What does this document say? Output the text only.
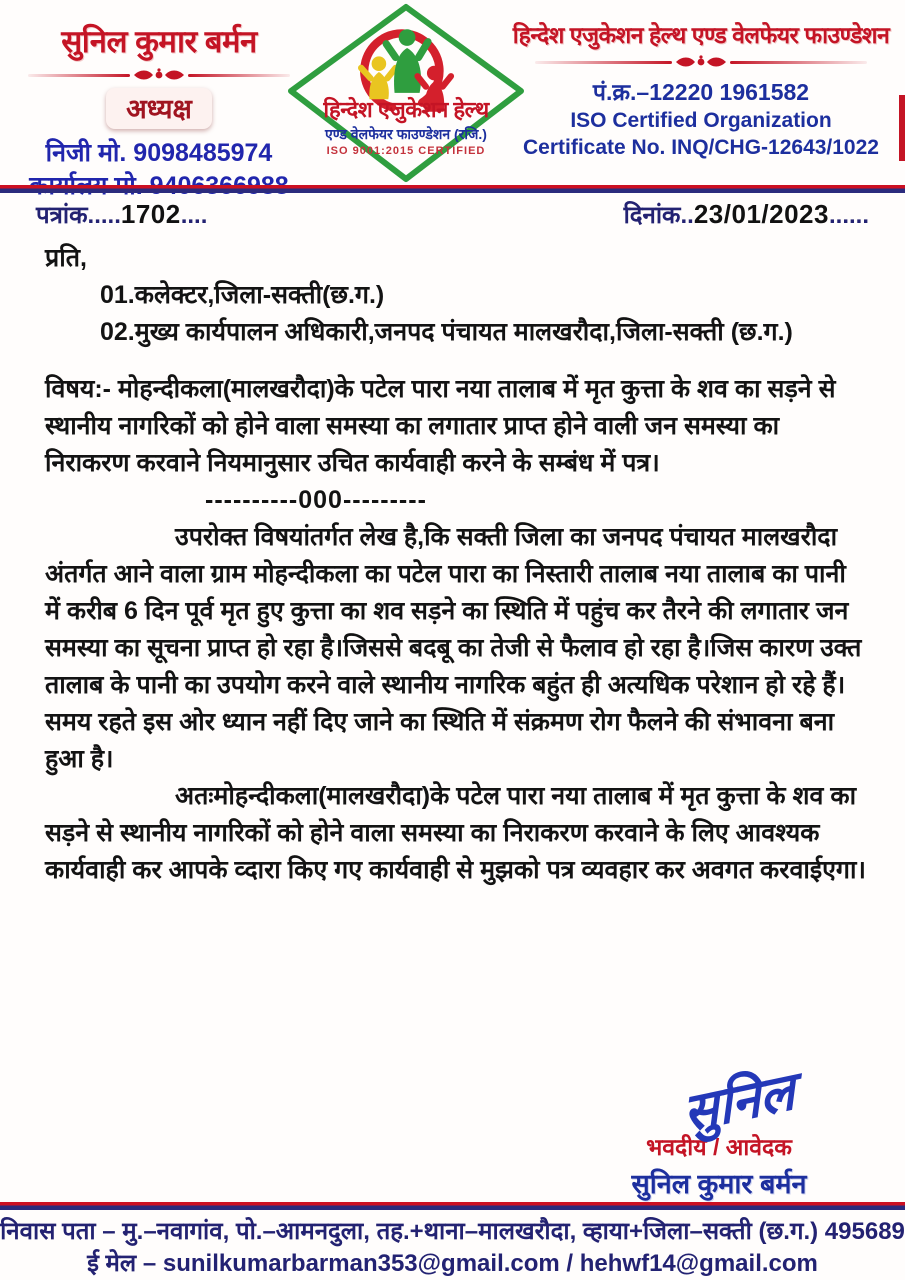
सुनिल कुमार बर्मन
अध्यक्ष
निजी मो. 9098485974
हिन्देश एजुकेशन हेल्थ
एण्ड वेलफेयर फाउण्डेशन (रजि.)
ISO 9001:2015 CERTIFIED
हिन्देश एजुकेशन हेल्थ एण्ड वेलफेयर फाउण्डेशन
पं.क्र.–12220 1961582
ISO Certified Organization
Certificate No. INQ/CHG-12643/1022
पत्रांक.....1702....	दिनांक..23/01/2023......

प्रति,

01.कलेक्टर,जिला-सक्ती(छ.ग.)

02.मुख्य कार्यपालन अधिकारी,जनपद पंचायत मालखरौदा,जिला-सक्ती (छ.ग.)

विषय:- मोहन्दीकला(मालखरौदा)के पटेल पारा नया तालाब में मृत कुत्ता के शव का सड़ने से स्थानीय नागरिकों को होने वाला समस्या का लगातार प्राप्त होने वाली जन समस्या का निराकरण करवाने नियमानुसार उचित कार्यवाही करने के सम्बंध में पत्र।

----------000---------

उपरोक्त विषयांतर्गत लेख है,कि सक्ती जिला का जनपद पंचायत मालखरौदा अंतर्गत आने वाला ग्राम मोहन्दीकला का पटेल पारा का निस्तारी तालाब नया तालाब का पानी में करीब 6 दिन पूर्व मृत हुए कुत्ता का शव सड़ने का स्थिति में पहुंच कर तैरने की लगातार जन समस्या का सूचना प्राप्त हो रहा है।जिससे बदबू का तेजी से फैलाव हो रहा है।जिस कारण उक्त तालाब के पानी का उपयोग करने वाले स्थानीय नागरिक बहुंत ही अत्यधिक परेशान हो रहे हैं।समय रहते इस ओर ध्यान नहीं दिए जाने का स्थिति में संक्रमण रोग फैलने की संभावना बना हुआ है।

अतःमोहन्दीकला(मालखरौदा)के पटेल पारा नया तालाब में मृत कुत्ता के शव का सड़ने से स्थानीय नागरिकों को होने वाला समस्या का निराकरण करवाने के लिए आवश्यक कार्यवाही कर आपके व्दारा किए गए कार्यवाही से मुझको पत्र व्यवहार कर अवगत करवाईएगा।

सुनिल
भवदीय / आवेदक
सुनिल कुमार बर्मन
निवास पता – मु.–नवागांव, पो.–आमनदुला, तह.+थाना–मालखरौदा, व्हाया+जिला–सक्ती (छ.ग.) 495689
ई मेल – sunilkumarbarman353@gmail.com / hehwf14@gmail.com
